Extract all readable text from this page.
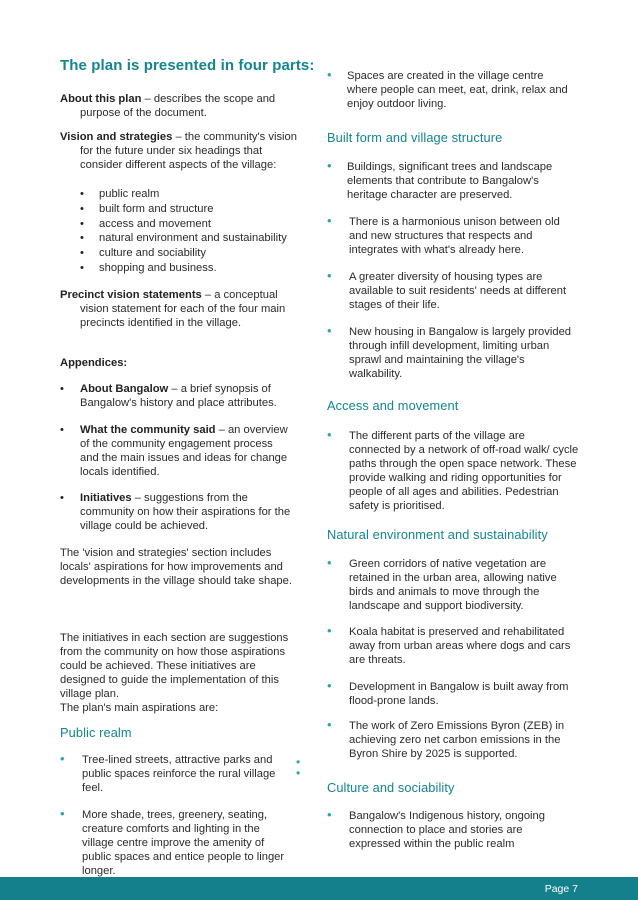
The plan is presented in four parts:

About this plan – describes the scope and purpose of the document.

Vision and strategies – the community's vision for the future under six headings that consider different aspects of the village:

• public realm
• built form and structure
• access and movement
• natural environment and sustainability
• culture and sociability
• shopping and business.

Precinct vision statements – a conceptual vision statement for each of the four main precincts identified in the village.

Appendices:

• About Bangalow – a brief synopsis of Bangalow's history and place attributes.

• What the community said – an overview of the community engagement process and the main issues and ideas for change locals identified.

• Initiatives – suggestions from the community on how their aspirations for the village could be achieved.

The 'vision and strategies' section includes locals' aspirations for how improvements and developments in the village should take shape.

The initiatives in each section are suggestions from the community on how those aspirations could be achieved. These initiatives are designed to guide the implementation of this village plan.

The plan's main aspirations are:

Public realm
• Tree-lined streets, attractive parks and public spaces reinforce the rural village feel.

• More shade, trees, greenery, seating, creature comforts and lighting in the village centre improve the amenity of public spaces and entice people to linger longer.

•
•
• Spaces are created in the village centre where people can meet, eat, drink, relax and enjoy outdoor living.

Built form and village structure
• Buildings, significant trees and landscape elements that contribute to Bangalow's heritage character are preserved.

• There is a harmonious unison between old and new structures that respects and integrates with what's already here.

• A greater diversity of housing types are available to suit residents' needs at different stages of their life.

• New housing in Bangalow is largely provided through infill development, limiting urban sprawl and maintaining the village's walkability.

Access and movement
• The different parts of the village are connected by a network of off-road walk/ cycle paths through the open space network. These provide walking and riding opportunities for people of all ages and abilities. Pedestrian safety is prioritised.

Natural environment and sustainability
• Green corridors of native vegetation are retained in the urban area, allowing native birds and animals to move through the landscape and support biodiversity.

• Koala habitat is preserved and rehabilitated away from urban areas where dogs and cars are threats.

• Development in Bangalow is built away from flood-prone lands.

• The work of Zero Emissions Byron (ZEB) in achieving zero net carbon emissions in the Byron Shire by 2025 is supported.

Culture and sociability
• Bangalow's Indigenous history, ongoing connection to place and stories are expressed within the public realm

Page 7
